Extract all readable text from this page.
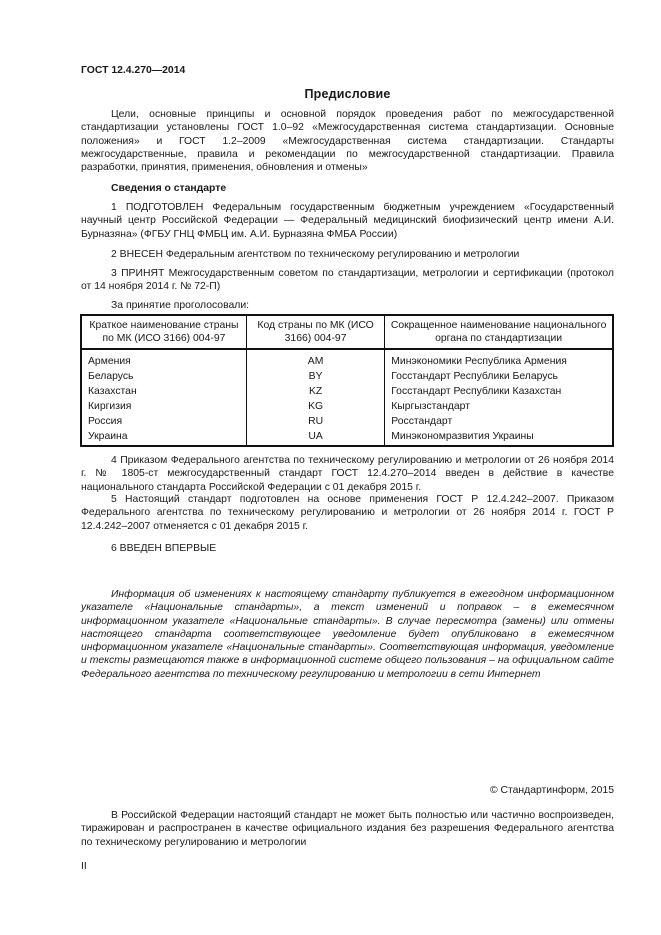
ГОСТ 12.4.270—2014
Предисловие

Цели, основные принципы и основной порядок проведения работ по межгосударственной стандартизации установлены ГОСТ 1.0–92 «Межгосударственная система стандартизации. Основные положения» и ГОСТ 1.2–2009 «Межгосударственная система стандартизации. Стандарты межгосударственные, правила и рекомендации по межгосударственной стандартизации. Правила разработки, принятия, применения, обновления и отмены»

Сведения о стандарте

1 ПОДГОТОВЛЕН Федеральным государственным бюджетным учреждением «Государственный научный центр Российской Федерации — Федеральный медицинский биофизический центр имени А.И. Бурназяна» (ФГБУ ГНЦ ФМБЦ им. А.И. Бурназяна ФМБА России)

2 ВНЕСЕН Федеральным агентством по техническому регулированию и метрологии

3 ПРИНЯТ Межгосударственным советом по стандартизации, метрологии и сертификации (протокол от 14 ноября 2014 г. № 72-П)

За принятие проголосовали:

Краткое наименование страны по МК (ИСО 3166) 004-97	Код страны по МК (ИСО 3166) 004-97	Сокращенное наименование национального органа по стандартизации
Армения	AM	Минэкономики Республика Армения
Беларусь	BY	Госстандарт Республики Беларусь
Казахстан	KZ	Госстандарт Республики Казахстан
Киргизия	KG	Кыргызстандарт
Россия	RU	Росстандарт
Украина	UA	Минэкономразвития Украины

4 Приказом Федерального агентства по техническому регулированию и метрологии от 26 ноября 2014 г. № 1805-ст межгосударственный стандарт ГОСТ 12.4.270–2014 введен в действие в качестве национального стандарта Российской Федерации с 01 декабря 2015 г.

5 Настоящий стандарт подготовлен на основе применения ГОСТ Р 12.4.242–2007. Приказом Федерального агентства по техническому регулированию и метрологии от 26 ноября 2014 г. ГОСТ Р 12.4.242–2007 отменяется с 01 декабря 2015 г.

6 ВВЕДЕН ВПЕРВЫЕ

Информация об изменениях к настоящему стандарту публикуется в ежегодном информационном указателе «Национальные стандарты», а текст изменений и поправок – в ежемесячном информационном указателе «Национальные стандарты». В случае пересмотра (замены) или отмены настоящего стандарта соответствующее уведомление будет опубликовано в ежемесячном информационном указателе «Национальные стандарты». Соответствующая информация, уведомление и тексты размещаются также в информационной системе общего пользования – на официальном сайте Федерального агентства по техническому регулированию и метрологии в сети Интернет

© Стандартинформ, 2015

В Российской Федерации настоящий стандарт не может быть полностью или частично воспроизведен, тиражирован и распространен в качестве официального издания без разрешения Федерального агентства по техническому регулированию и метрологии

II
